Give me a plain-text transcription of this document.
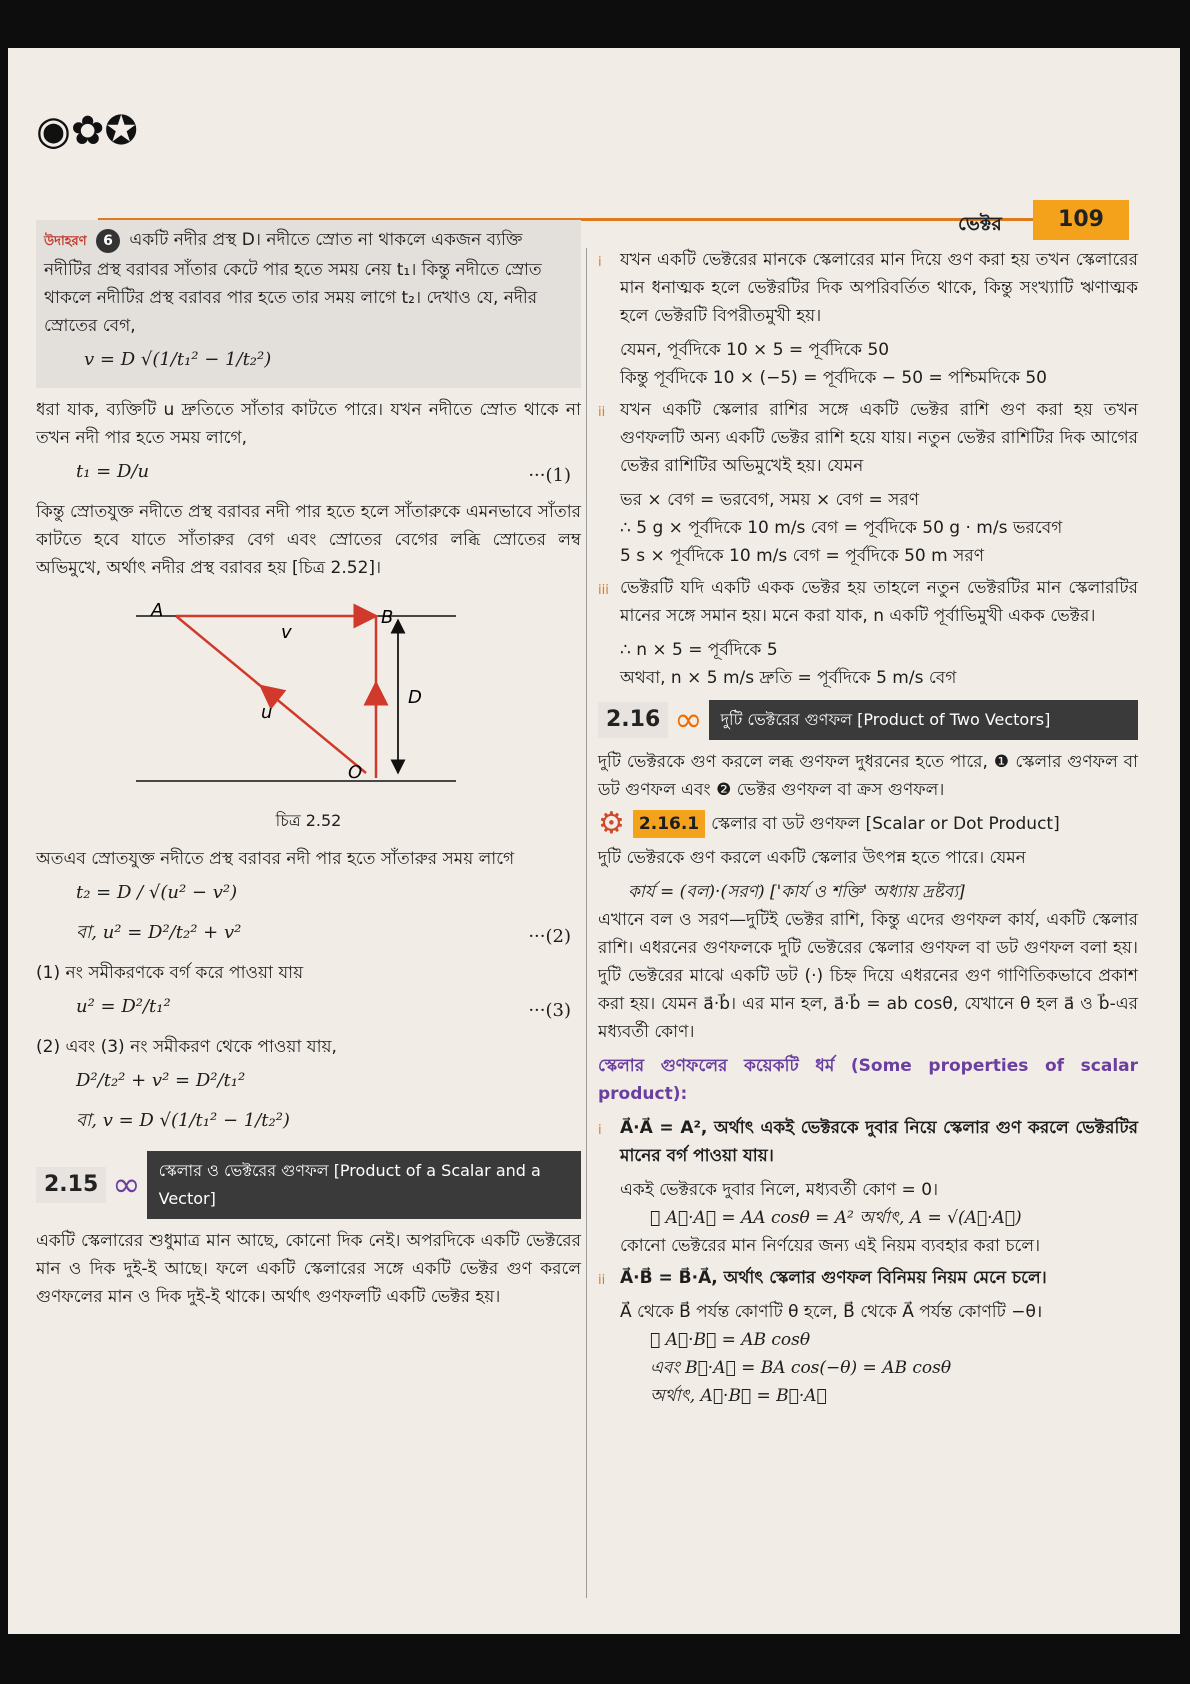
◉✿✪
ভেক্টর	109
উদাহরণ 6 একটি নদীর প্রস্থ D। নদীতে স্রোত না থাকলে একজন ব্যক্তি নদীটির প্রস্থ বরাবর সাঁতার কেটে পার হতে সময় নেয় t₁। কিন্তু নদীতে স্রোত থাকলে নদীটির প্রস্থ বরাবর পার হতে তার সময় লাগে t₂। দেখাও যে, নদীর স্রোতের বেগ,
v = D √(1/t₁² − 1/t₂²)

ধরা যাক, ব্যক্তিটি u দ্রুতিতে সাঁতার কাটতে পারে। যখন নদীতে স্রোত থাকে না তখন নদী পার হতে সময় লাগে,

t₁ = D/u	···(1)

কিন্তু স্রোতযুক্ত নদীতে প্রস্থ বরাবর নদী পার হতে হলে সাঁতারুকে এমনভাবে সাঁতার কাটতে হবে যাতে সাঁতারুর বেগ এবং স্রোতের বেগের লব্ধি স্রোতের লম্ব অভিমুখে, অর্থাৎ নদীর প্রস্থ বরাবর হয় [চিত্র 2.52]।

A	B
O
v
u
D
চিত্র 2.52

অতএব স্রোতযুক্ত নদীতে প্রস্থ বরাবর নদী পার হতে সাঁতারুর সময় লাগে

t₂ = D / √(u² − v²)
বা, u² = D²/t₂² + v²	···(2)

(1) নং সমীকরণকে বর্গ করে পাওয়া যায়

u² = D²/t₁²	···(3)

(2) এবং (3) নং সমীকরণ থেকে পাওয়া যায়,

D²/t₂² + v² = D²/t₁²
বা, v = D √(1/t₁² − 1/t₂²)
2.15 ∞	স্কেলার ও ভেক্টরের গুণফল [Product of a Scalar and a Vector]

একটি স্কেলারের শুধুমাত্র মান আছে, কোনো দিক নেই। অপরদিকে একটি ভেক্টরের মান ও দিক দুই-ই আছে। ফলে একটি স্কেলারের সঙ্গে একটি ভেক্টর গুণ করলে গুণফলের মান ও দিক দুই-ই থাকে। অর্থাৎ গুণফলটি একটি ভেক্টর হয়।

i	যখন একটি ভেক্টরের মানকে স্কেলারের মান দিয়ে গুণ করা হয় তখন স্কেলারের মান ধনাত্মক হলে ভেক্টরটির দিক অপরিবর্তিত থাকে, কিন্তু সংখ্যাটি ঋণাত্মক হলে ভেক্টরটি বিপরীতমুখী হয়।

যেমন, পূর্বদিকে 10 × 5 = পূর্বদিকে 50
কিন্তু পূর্বদিকে 10 × (−5) = পূর্বদিকে − 50 = পশ্চিমদিকে 50
ii যখন একটি স্কেলার রাশির সঙ্গে একটি ভেক্টর রাশি গুণ করা হয় তখন গুণফলটি অন্য একটি ভেক্টর রাশি হয়ে যায়। নতুন ভেক্টর রাশিটির দিক আগের ভেক্টর রাশিটির অভিমুখেই হয়। যেমন

ভর × বেগ = ভরবেগ, সময় × বেগ = সরণ
∴ 5 g × পূর্বদিকে 10 m/s বেগ = পূর্বদিকে 50 g · m/s ভরবেগ
5 s × পূর্বদিকে 10 m/s বেগ = পূর্বদিকে 50 m সরণ
iii ভেক্টরটি যদি একটি একক ভেক্টর হয় তাহলে নতুন ভেক্টরটির মান স্কেলারটির মানের সঙ্গে সমান হয়। মনে করা যাক, n একটি পূর্বাভিমুখী একক ভেক্টর।

∴ n × 5 = পূর্বদিকে 5
অথবা, n × 5 m/s দ্রুতি = পূর্বদিকে 5 m/s বেগ
2.16 ∞	দুটি ভেক্টরের গুণফল [Product of Two Vectors]

দুটি ভেক্টরকে গুণ করলে লব্ধ গুণফল দুধরনের হতে পারে, ❶ স্কেলার গুণফল বা ডট গুণফল এবং ❷ ভেক্টর গুণফল বা ক্রস গুণফল।

⚙ 2.16.1 স্কেলার বা ডট গুণফল [Scalar or Dot Product]

দুটি ভেক্টরকে গুণ করলে একটি স্কেলার উৎপন্ন হতে পারে। যেমন

কার্য = (বল)·(সরণ) ['কার্য ও শক্তি' অধ্যায় দ্রষ্টব্য]

এখানে বল ও সরণ—দুটিই ভেক্টর রাশি, কিন্তু এদের গুণফল কার্য, একটি স্কেলার রাশি। এধরনের গুণফলকে দুটি ভেক্টরের স্কেলার গুণফল বা ডট গুণফল বলা হয়। দুটি ভেক্টরের মাঝে একটি ডট (·) চিহ্ন দিয়ে এধরনের গুণ গাণিতিকভাবে প্রকাশ করা হয়। যেমন a⃗·b⃗। এর মান হল, a⃗·b⃗ = ab cosθ, যেখানে θ হল a⃗ ও b⃗-এর মধ্যবর্তী কোণ।

স্কেলার গুণফলের কয়েকটি ধর্ম (Some properties of scalar product):

i	A⃗·A⃗ = A², অর্থাৎ একই ভেক্টরকে দুবার নিয়ে স্কেলার গুণ করলে ভেক্টরটির মানের বর্গ পাওয়া যায়।

একই ভেক্টরকে দুবার নিলে, মধ্যবর্তী কোণ = 0।
∴ A⃗·A⃗ = AA cosθ = A² অর্থাৎ, A = √(A⃗·A⃗)
কোনো ভেক্টরের মান নির্ণয়ের জন্য এই নিয়ম ব্যবহার করা চলে।
ii A⃗·B⃗ = B⃗·A⃗, অর্থাৎ স্কেলার গুণফল বিনিময় নিয়ম মেনে চলে।

A⃗ থেকে B⃗ পর্যন্ত কোণটি θ হলে, B⃗ থেকে A⃗ পর্যন্ত কোণটি −θ।
∴ A⃗·B⃗ = AB cosθ
এবং B⃗·A⃗ = BA cos(−θ) = AB cosθ
অর্থাৎ, A⃗·B⃗ = B⃗·A⃗
